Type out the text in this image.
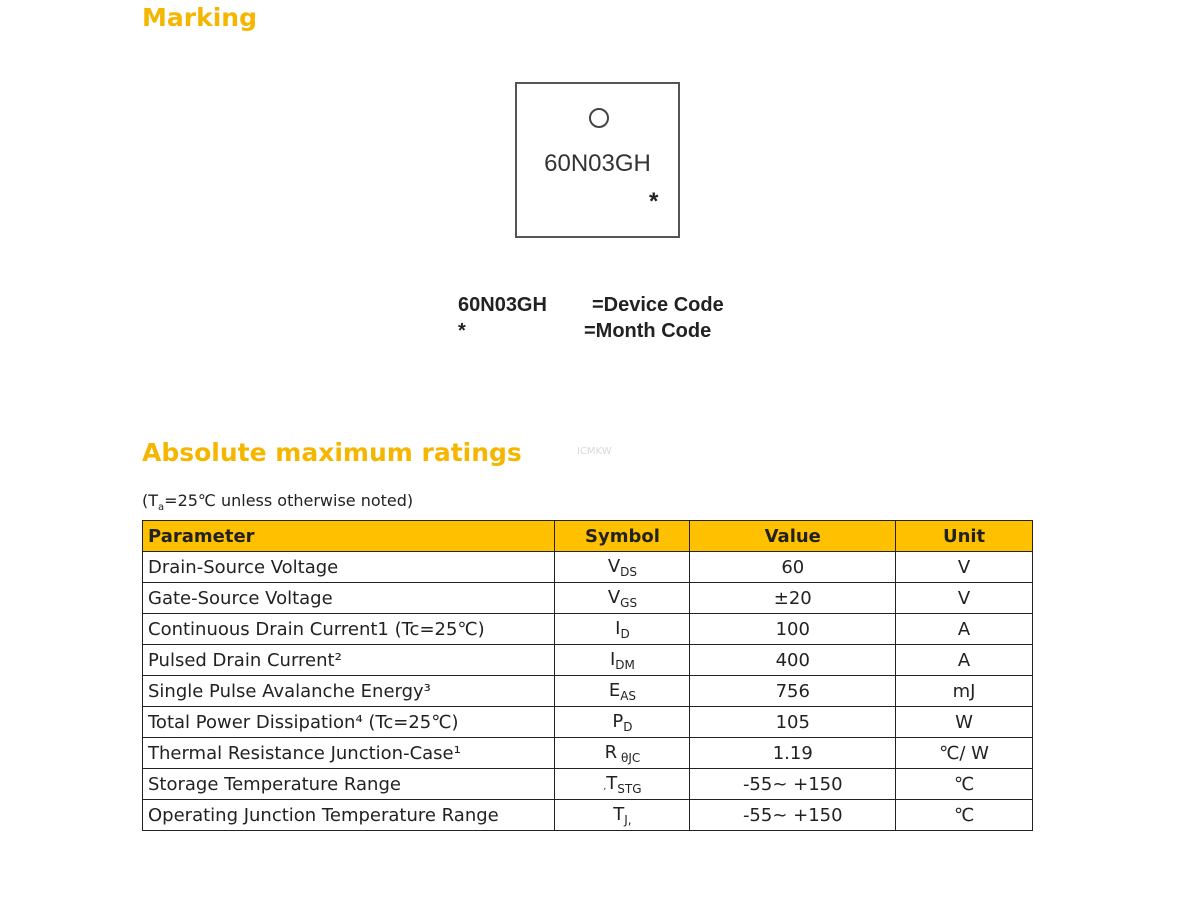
Marking
60N03GH
*
60N03GH =Device Code
*	=Month Code
Absolute maximum ratings	ICMKW
($T_a=25℃$ unless otherwise noted)
Parameter	Symbol	Value	Unit
Drain-Source Voltage	$V_{DS}$	60	V
Gate-Source Voltage	$V_{GS}$	±20	V
Continuous Drain Current1 (Tc=25℃)	$I_D$	100	A
Pulsed Drain Current²	$I_{DM}$	400	A
Single Pulse Avalanche Energy³	$E_{AS}$	756	mJ
Total Power Dissipation⁴ (Tc=25℃)	$P_D$	105	W
Thermal Resistance Junction-Case¹	R $_{\theta JC}$	1.19	℃/ W
Storage Temperature Range	$,T_{STG}$	-55~ +150	℃
Operating Junction Temperature Range	$T_{J,}$	-55~ +150	℃
